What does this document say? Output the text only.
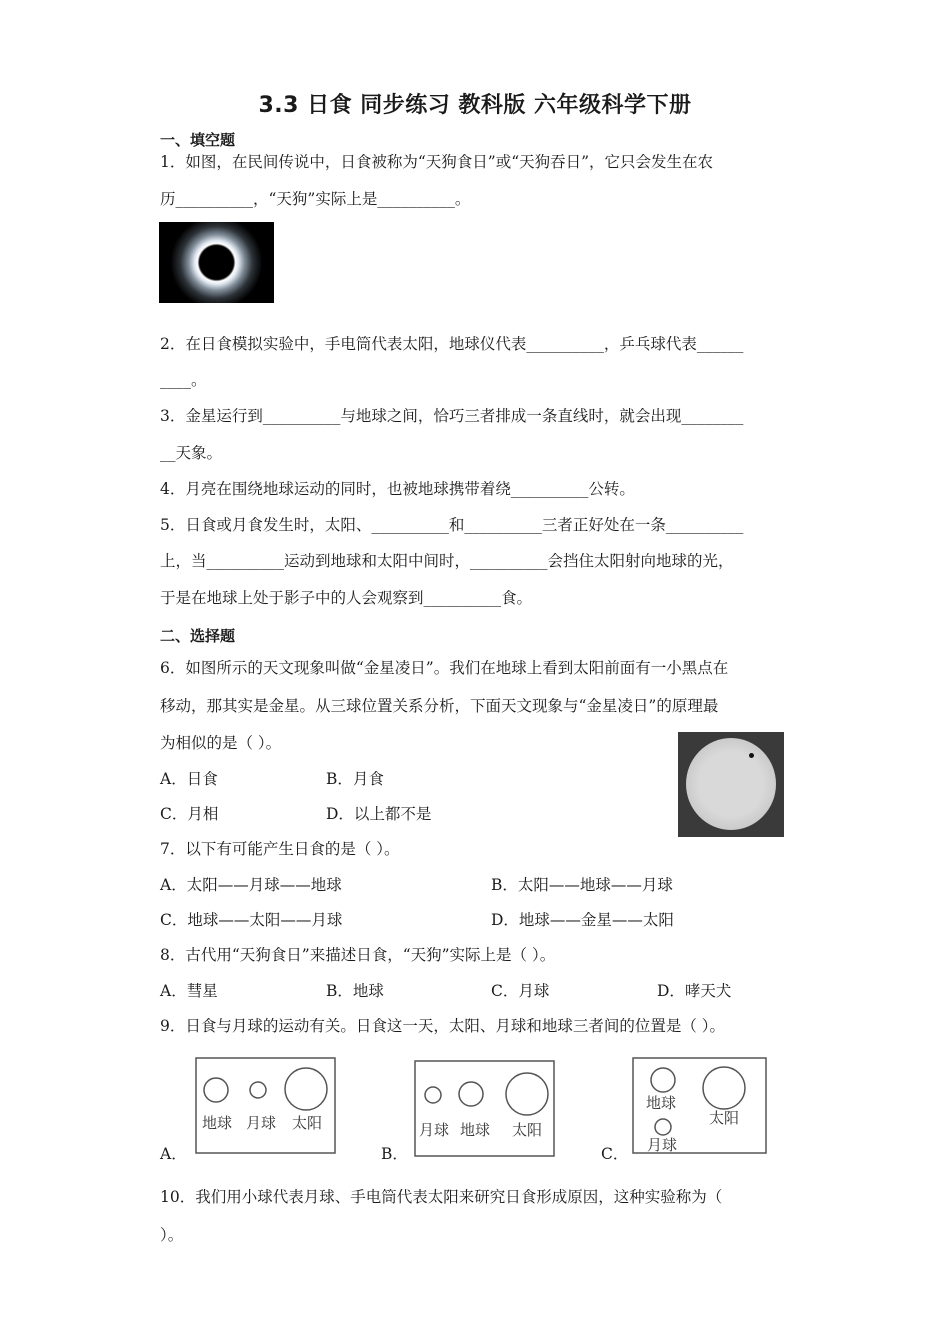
3.3 日食 同步练习 教科版 六年级科学下册
一、填空题
1．如图，在民间传说中，日食被称为“天狗食日”或“天狗吞日”，它只会发生在农
历__________，“天狗”实际上是__________。
2．在日食模拟实验中，手电筒代表太阳，地球仪代表__________，乒乓球代表______
____。
3．金星运行到__________与地球之间，恰巧三者排成一条直线时，就会出现________
__天象。
4．月亮在围绕地球运动的同时，也被地球携带着绕__________公转。
5．日食或月食发生时，太阳、__________和__________三者正好处在一条__________
上，当__________运动到地球和太阳中间时，__________会挡住太阳射向地球的光，
于是在地球上处于影子中的人会观察到__________食。
二、选择题
6．如图所示的天文现象叫做“金星凌日”。我们在地球上看到太阳前面有一小黑点在
移动，那其实是金星。从三球位置关系分析，下面天文现象与“金星凌日”的原理最
为相似的是（ ）。
A．日食	B．月食
C．月相	D．以上都不是
7．以下有可能产生日食的是（ ）。
A．太阳——月球——地球	B．太阳——地球——月球
C．地球——太阳——月球	D．地球——金星——太阳
8．古代用“天狗食日”来描述日食，“天狗”实际上是（ ）。
A．彗星	B．地球	C．月球	D．哮天犬
9．日食与月球的运动有关。日食这一天，太阳、月球和地球三者间的位置是（ ）。
A．
地球 月球 太阳
B．
月球 地球 太阳
C．
地球
月球
太阳
10．我们用小球代表月球、手电筒代表太阳来研究日食形成原因，这种实验称为（
）。
